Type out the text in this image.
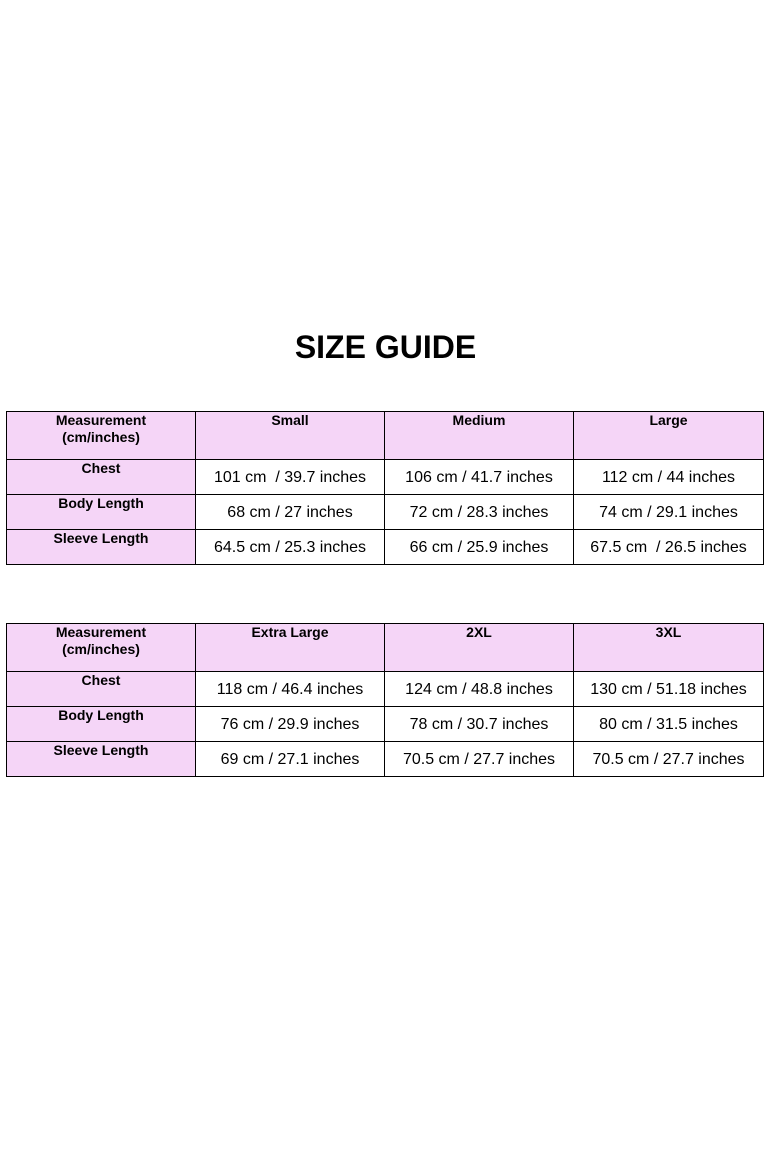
SIZE GUIDE
Measurement
(cm/inches)	Small	Medium	Large
Chest	101 cm  / 39.7 inches	106 cm / 41.7 inches	112 cm / 44 inches
Body Length	68 cm / 27 inches	72 cm / 28.3 inches	74 cm / 29.1 inches
Sleeve Length	64.5 cm / 25.3 inches	66 cm / 25.9 inches	67.5 cm  / 26.5 inches
Measurement
(cm/inches)	Extra Large	2XL	3XL
Chest	118 cm / 46.4 inches	124 cm / 48.8 inches	130 cm / 51.18 inches
Body Length	76 cm / 29.9 inches	78 cm / 30.7 inches	80 cm / 31.5 inches
Sleeve Length	69 cm / 27.1 inches	70.5 cm / 27.7 inches	70.5 cm / 27.7 inches
